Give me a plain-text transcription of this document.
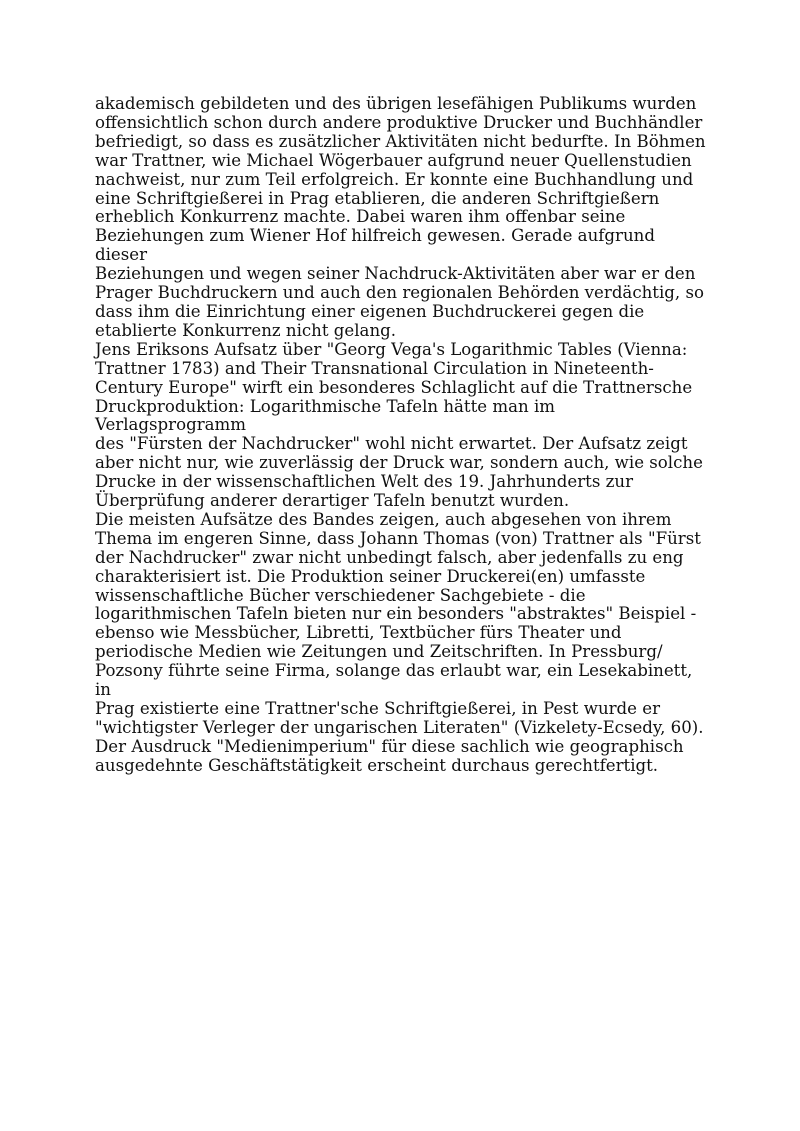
akademisch gebildeten und des übrigen lesefähigen Publikums wurden
offensichtlich schon durch andere produktive Drucker und Buchhändler
befriedigt, so dass es zusätzlicher Aktivitäten nicht bedurfte. In Böhmen
war Trattner, wie Michael Wögerbauer aufgrund neuer Quellenstudien
nachweist, nur zum Teil erfolgreich. Er konnte eine Buchhandlung und
eine Schriftgießerei in Prag etablieren, die anderen Schriftgießern
erheblich Konkurrenz machte. Dabei waren ihm offenbar seine
Beziehungen zum Wiener Hof hilfreich gewesen. Gerade aufgrund dieser
Beziehungen und wegen seiner Nachdruck-Aktivitäten aber war er den
Prager Buchdruckern und auch den regionalen Behörden verdächtig, so
dass ihm die Einrichtung einer eigenen Buchdruckerei gegen die
etablierte Konkurrenz nicht gelang.

Jens Eriksons Aufsatz über "Georg Vega's Logarithmic Tables (Vienna:
Trattner 1783) and Their Transnational Circulation in Nineteenth-
Century Europe" wirft ein besonderes Schlaglicht auf die Trattnersche
Druckproduktion: Logarithmische Tafeln hätte man im Verlagsprogramm
des "Fürsten der Nachdrucker" wohl nicht erwartet. Der Aufsatz zeigt
aber nicht nur, wie zuverlässig der Druck war, sondern auch, wie solche
Drucke in der wissenschaftlichen Welt des 19. Jahrhunderts zur
Überprüfung anderer derartiger Tafeln benutzt wurden.

Die meisten Aufsätze des Bandes zeigen, auch abgesehen von ihrem
Thema im engeren Sinne, dass Johann Thomas (von) Trattner als "Fürst
der Nachdrucker" zwar nicht unbedingt falsch, aber jedenfalls zu eng
charakterisiert ist. Die Produktion seiner Druckerei(en) umfasste
wissenschaftliche Bücher verschiedener Sachgebiete - die
logarithmischen Tafeln bieten nur ein besonders "abstraktes" Beispiel -
ebenso wie Messbücher, Libretti, Textbücher fürs Theater und
periodische Medien wie Zeitungen und Zeitschriften. In Pressburg/
Pozsony führte seine Firma, solange das erlaubt war, ein Lesekabinett, in
Prag existierte eine Trattner'sche Schriftgießerei, in Pest wurde er
"wichtigster Verleger der ungarischen Literaten" (Vizkelety-Ecsedy, 60).
Der Ausdruck "Medienimperium" für diese sachlich wie geographisch
ausgedehnte Geschäftstätigkeit erscheint durchaus gerechtfertigt.
